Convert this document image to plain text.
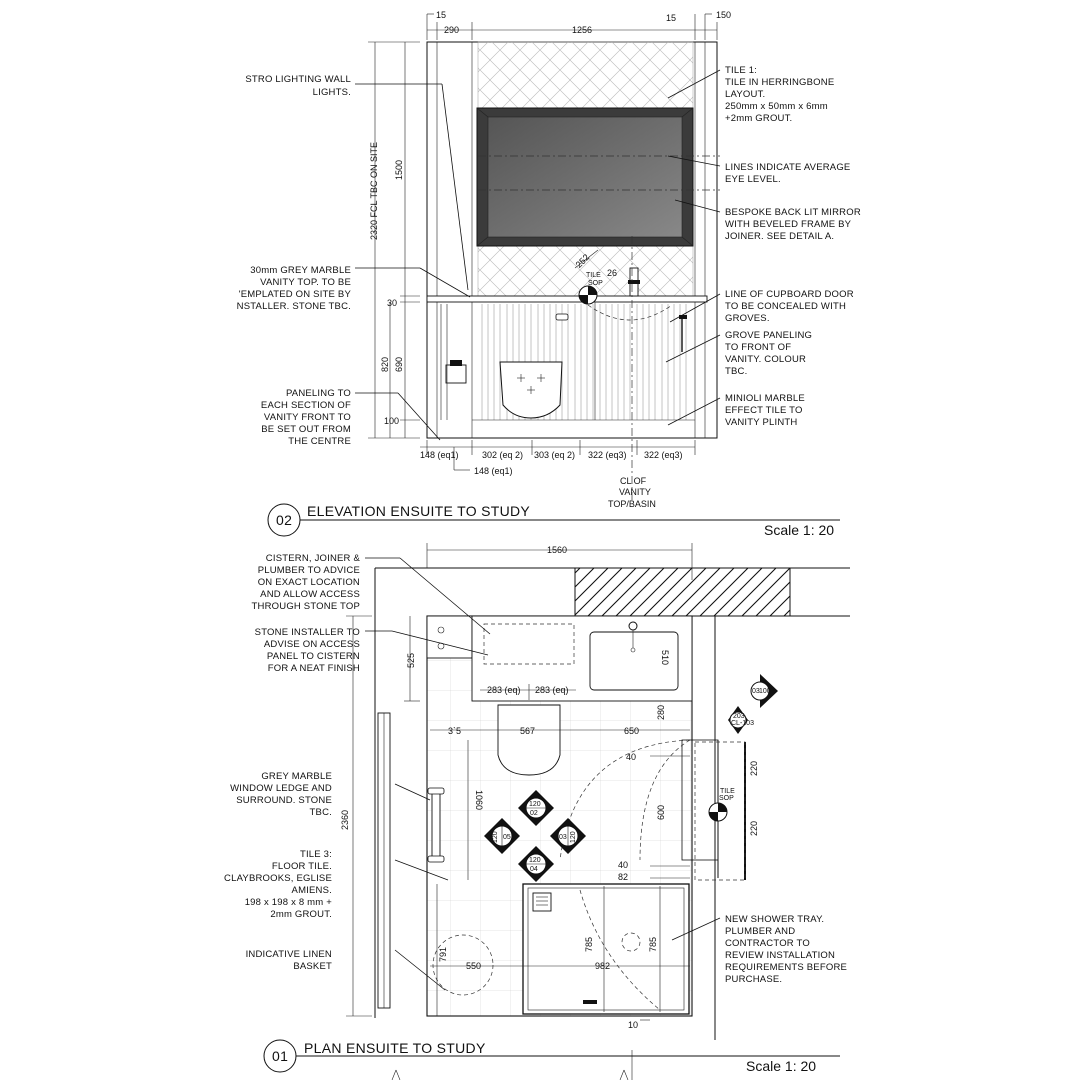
TILE
SOP
252
26
15
290	1256
15	150
2320 FCL TBC ON SITE 1500
30
820 690
100
148 (eq1)	302 (eq 2) 303 (eq 2) 322 (eq3) 322 (eq3)
148 (eq1)
CL OF
VANITY
TOP/BASIN
STRO LIGHTING WALL
LIGHTS.
30mm GREY MARBLE
VANITY TOP. TO BE
'EMPLATED ON SITE BY
NSTALLER. STONE TBC.
PANELING TO
EACH SECTION OF
VANITY FRONT TO
BE SET OUT FROM
THE CENTRE
TILE 1:
TILE IN HERRINGBONE
LAYOUT.
250mm x 50mm x 6mm
+2mm GROUT.
LINES INDICATE AVERAGE
EYE LEVEL.
BESPOKE BACK LIT MIRROR
WITH BEVELED FRAME BY
JOINER. SEE DETAIL A.
LINE OF CUPBOARD DOOR
TO BE CONCEALED WITH
GROVES.
GROVE PANELING
TO FRONT OF
VANITY. COLOUR
TBC.
MINIOLI MARBLE
EFFECT TILE TO
VANITY PLINTH
02
ELEVATION ENSUITE TO STUDY
Scale 1: 20
120
02
120
04
05
120	03 120
03 100
203
CL-103
TILE
SOP
1560
2360
525	510
283 (eq) 283 (eq)
3`5	567	650
280
40
1060
600
40
82
220
220
791
550	982
785	785
10
CISTERN, JOINER &
PLUMBER TO ADVICE
ON EXACT LOCATION
AND ALLOW ACCESS
THROUGH STONE TOP
STONE INSTALLER TO
ADVISE ON ACCESS
PANEL TO CISTERN
FOR A NEAT FINISH
GREY MARBLE
WINDOW LEDGE AND
SURROUND. STONE
TBC.
TILE 3:
FLOOR TILE.
CLAYBROOKS, EGLISE
AMIENS.
198 x 198 x 8 mm +
2mm GROUT.
INDICATIVE LINEN
BASKET
NEW SHOWER TRAY.
PLUMBER AND
CONTRACTOR TO
REVIEW INSTALLATION
REQUIREMENTS BEFORE
PURCHASE.
01 PLAN ENSUITE TO STUDY
Scale 1: 20
